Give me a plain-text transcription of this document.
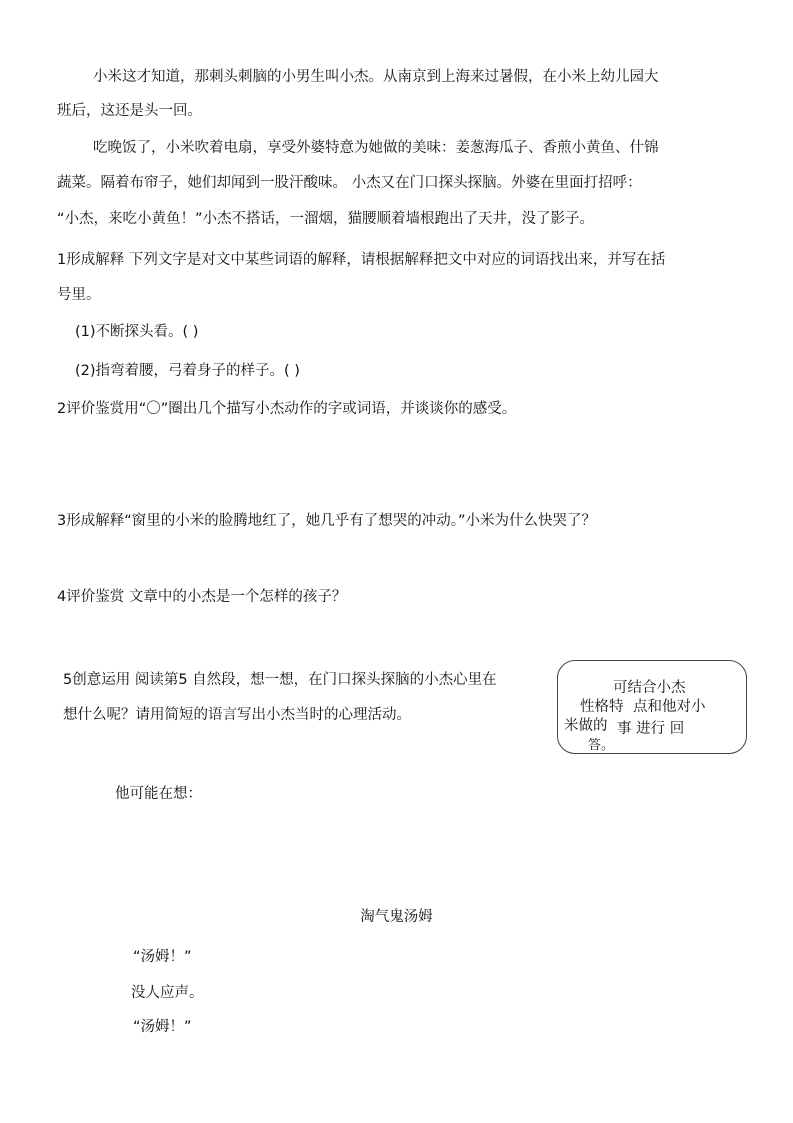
小米这才知道，那刺头刺脑的小男生叫小杰。从南京到上海来过暑假，在小米上幼儿园大
班后，这还是头一回。
吃晚饭了，小米吹着电扇，享受外婆特意为她做的美味：姜葱海瓜子、香煎小黄鱼、什锦
蔬菜。隔着布帘子，她们却闻到一股汗酸味。 小杰又在门口探头探脑。外婆在里面打招呼：
“小杰，来吃小黄鱼！”小杰不搭话，一溜烟，猫腰顺着墙根跑出了天井，没了影子。
1形成解释 下列文字是对文中某些词语的解释，请根据解释把文中对应的词语找出来，并写在括
号里。
(1)不断探头看。( )
(2)指弯着腰，弓着身子的样子。( )
2评价鉴赏用“〇”圈出几个描写小杰动作的字或词语，并谈谈你的感受。
3形成解释“窗里的小米的脸腾地红了，她几乎有了想哭的冲动。”小米为什么快哭了？
4评价鉴赏 文章中的小杰是一个怎样的孩子？
5创意运用 阅读第5 自然段，想一想，在门口探头探脑的小杰心里在
想什么呢？请用简短的语言写出小杰当时的心理活动。
可结合小杰
性格特 点和他对小
米做的 事 进行 回
答。
他可能在想：
淘气鬼汤姆
“汤姆！”
没人应声。
“汤姆！”
